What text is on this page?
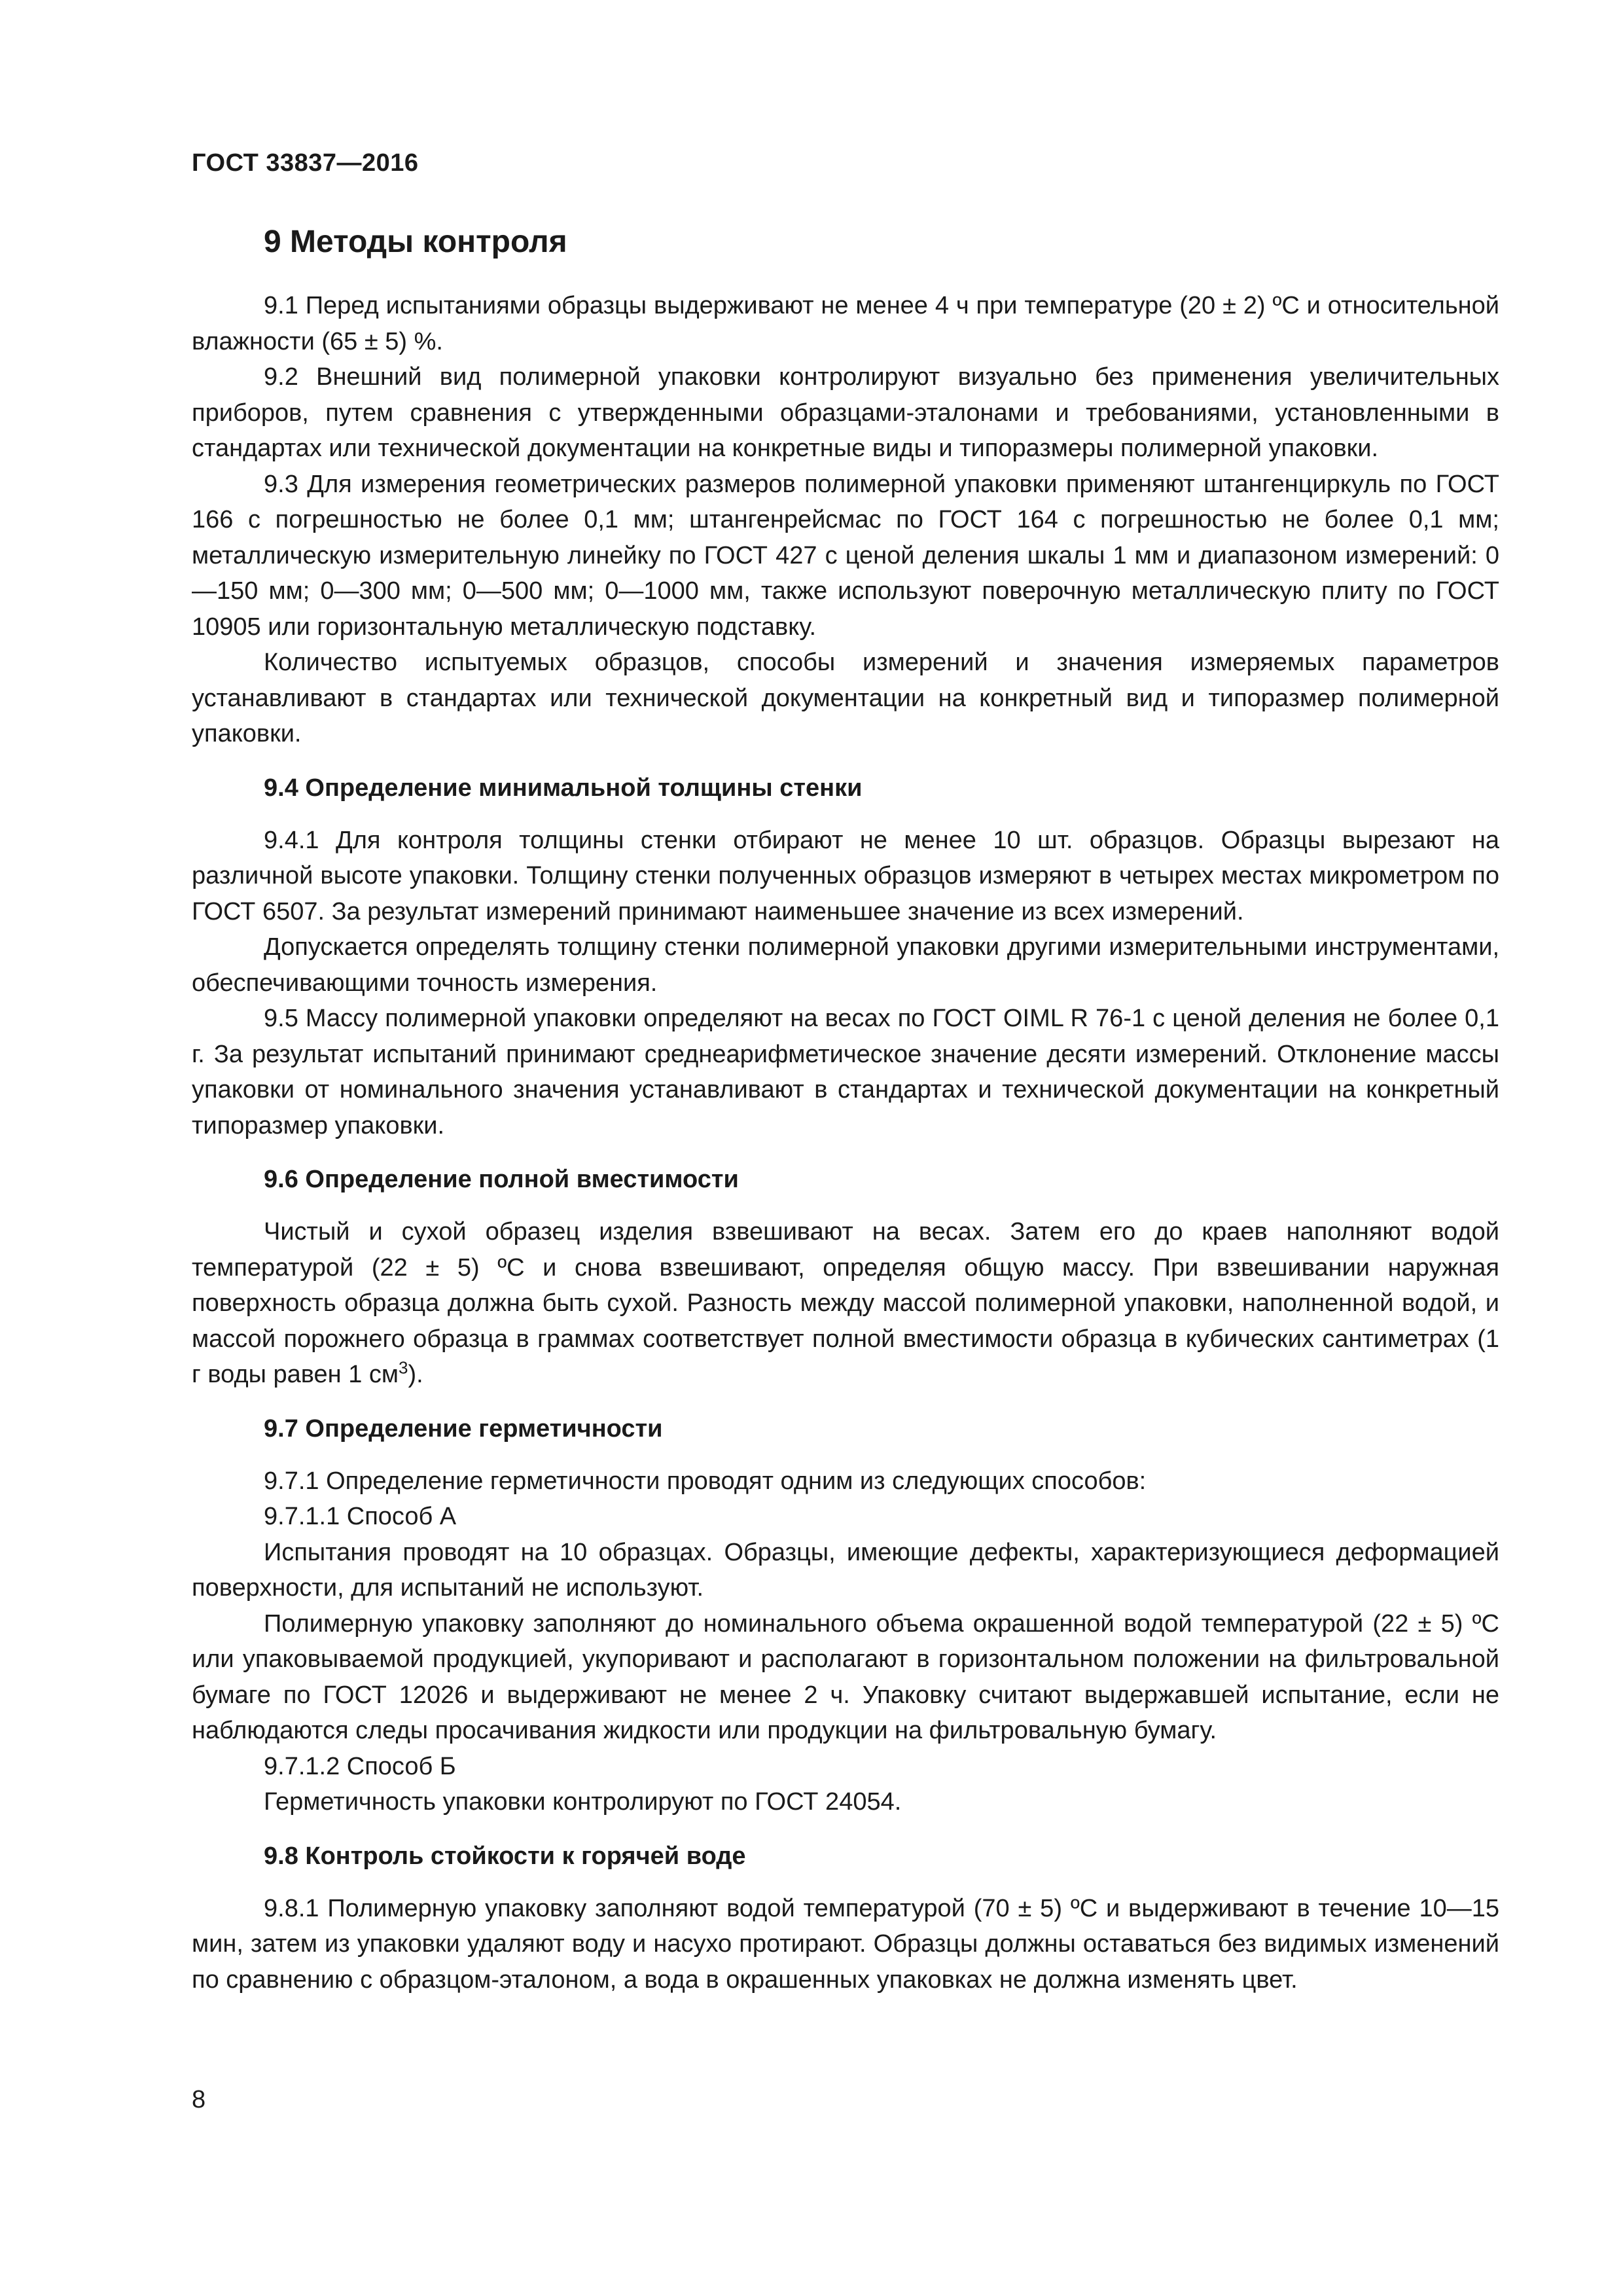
ГОСТ 33837—2016
9 Методы контроля

9.1 Перед испытаниями образцы выдерживают не менее 4 ч при температуре (20 ± 2) ºС и относительной влажности (65 ± 5) %.

9.2 Внешний вид полимерной упаковки контролируют визуально без применения увеличительных приборов, путем сравнения с утвержденными образцами-эталонами и требованиями, установленными в стандартах или технической документации на конкретные виды и типоразмеры полимерной упаковки.

9.3 Для измерения геометрических размеров полимерной упаковки применяют штангенциркуль по ГОСТ 166 с погрешностью не более 0,1 мм; штангенрейсмас по ГОСТ 164 с погрешностью не более 0,1 мм; металлическую измерительную линейку по ГОСТ 427 с ценой деления шкалы 1 мм и диапазоном измерений: 0—150 мм; 0—300 мм; 0—500 мм; 0—1000 мм, также используют поверочную металлическую плиту по ГОСТ 10905 или горизонтальную металлическую подставку.

Количество испытуемых образцов, способы измерений и значения измеряемых параметров устанавливают в стандартах или технической документации на конкретный вид и типоразмер полимерной упаковки.

9.4 Определение минимальной толщины стенки

9.4.1 Для контроля толщины стенки отбирают не менее 10 шт. образцов. Образцы вырезают на различной высоте упаковки. Толщину стенки полученных образцов измеряют в четырех местах микрометром по ГОСТ 6507. За результат измерений принимают наименьшее значение из всех измерений.

Допускается определять толщину стенки полимерной упаковки другими измерительными инструментами, обеспечивающими точность измерения.

9.5 Массу полимерной упаковки определяют на весах по ГОСТ OIML R 76-1 с ценой деления не более 0,1 г. За результат испытаний принимают среднеарифметическое значение десяти измерений. Отклонение массы упаковки от номинального значения устанавливают в стандартах и технической документации на конкретный типоразмер упаковки.

9.6 Определение полной вместимости

Чистый и сухой образец изделия взвешивают на весах. Затем его до краев наполняют водой температурой (22 ± 5) ºС и снова взвешивают, определяя общую массу. При взвешивании наружная поверхность образца должна быть сухой. Разность между массой полимерной упаковки, наполненной водой, и массой порожнего образца в граммах соответствует полной вместимости образца в кубических сантиметрах (1 г воды равен 1 $см^3$).

9.7 Определение герметичности

9.7.1 Определение герметичности проводят одним из следующих способов:

9.7.1.1 Способ А

Испытания проводят на 10 образцах. Образцы, имеющие дефекты, характеризующиеся деформацией поверхности, для испытаний не используют.

Полимерную упаковку заполняют до номинального объема окрашенной водой температурой (22 ± 5) ºС или упаковываемой продукцией, укупоривают и располагают в горизонтальном положении на фильтровальной бумаге по ГОСТ 12026 и выдерживают не менее 2 ч. Упаковку считают выдержавшей испытание, если не наблюдаются следы просачивания жидкости или продукции на фильтровальную бумагу.

9.7.1.2 Способ Б

Герметичность упаковки контролируют по ГОСТ 24054.

9.8 Контроль стойкости к горячей воде

9.8.1 Полимерную упаковку заполняют водой температурой (70 ± 5) ºС и выдерживают в течение 10—15 мин, затем из упаковки удаляют воду и насухо протирают. Образцы должны оставаться без видимых изменений по сравнению с образцом-эталоном, а вода в окрашенных упаковках не должна изменять цвет.

8
